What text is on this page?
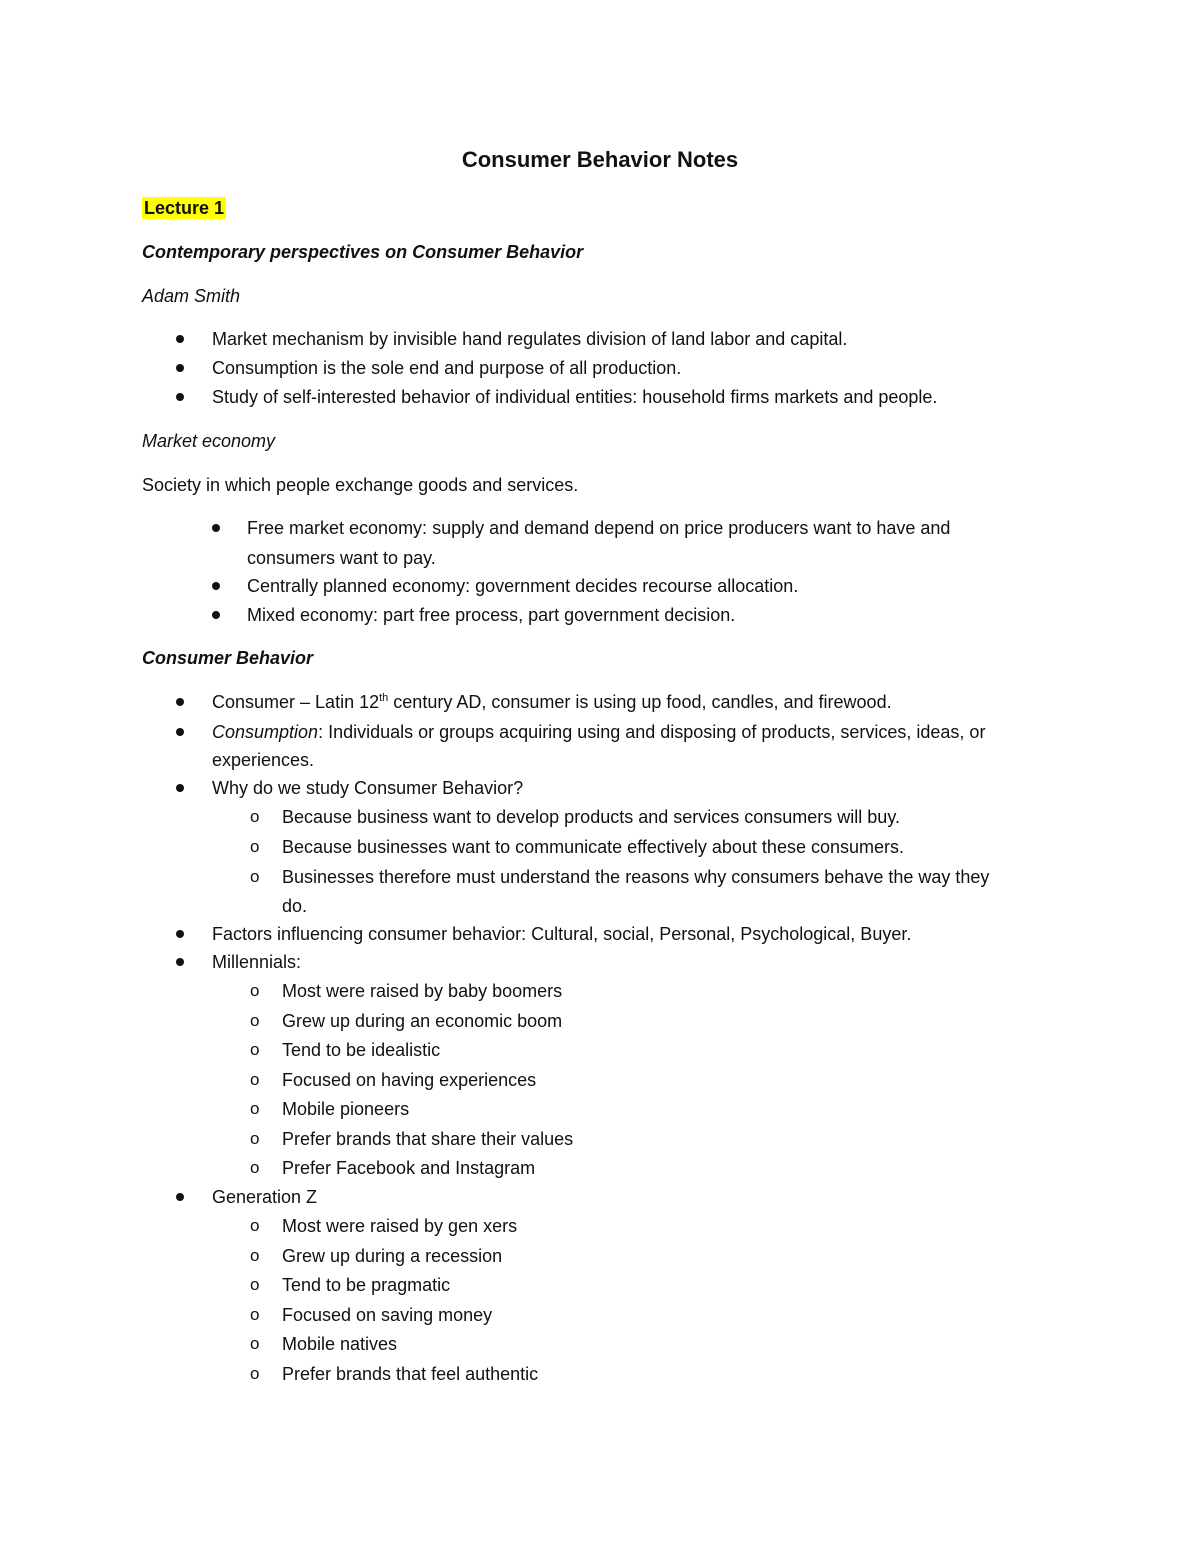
Consumer Behavior Notes
Lecture 1
Contemporary perspectives on Consumer Behavior
Adam Smith
Market mechanism by invisible hand regulates division of land labor and capital.
Consumption is the sole end and purpose of all production.
Study of self-interested behavior of individual entities: household firms markets and people.
Market economy
Society in which people exchange goods and services.
Free market economy: supply and demand depend on price producers want to have and
consumers want to pay.
Centrally planned economy: government decides recourse allocation.
Mixed economy: part free process, part government decision.
Consumer Behavior
Consumer – Latin 12th century AD, consumer is using up food, candles, and firewood.
Consumption: Individuals or groups acquiring using and disposing of products, services, ideas, or
experiences.
Why do we study Consumer Behavior?
o Because business want to develop products and services consumers will buy.
o Because businesses want to communicate effectively about these consumers.
o Businesses therefore must understand the reasons why consumers behave the way they
do.
Factors influencing consumer behavior: Cultural, social, Personal, Psychological, Buyer.
Millennials:
o Most were raised by baby boomers
o Grew up during an economic boom
o Tend to be idealistic
o Focused on having experiences
o Mobile pioneers
o Prefer brands that share their values
o Prefer Facebook and Instagram
Generation Z
o Most were raised by gen xers
o Grew up during a recession
o Tend to be pragmatic
o Focused on saving money
o Mobile natives
o Prefer brands that feel authentic
